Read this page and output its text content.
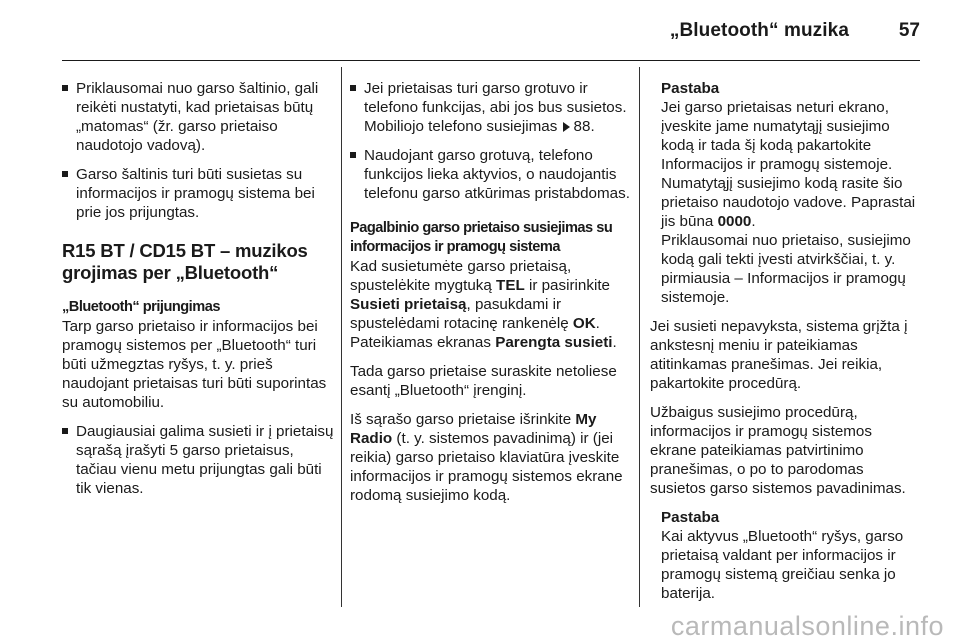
„Bluetooth“ muzika	57

Priklausomai nuo garso šaltinio, gali reikėti nustatyti, kad prietaisas būtų „matomas“ (žr. garso prietaiso naudotojo vadovą).

Garso šaltinis turi būti susietas su informacijos ir pramogų sistema bei prie jos prijungtas.

R15 BT / CD15 BT – muzikos grojimas per „Bluetooth“
„Bluetooth“ prijungimas

Tarp garso prietaiso ir informacijos bei pramogų sistemos per „Bluetooth“ turi būti užmegztas ryšys, t. y. prieš naudojant prietaisas turi būti suporintas su automobiliu.

Daugiausiai galima susieti ir į prietaisų sąrašą įrašyti 5 garso prietaisus, tačiau vienu metu prijungtas gali būti tik vienas.

Jei prietaisas turi garso grotuvo ir telefono funkcijas, abi jos bus susietos. Mobiliojo telefono susiejimas 88.

Naudojant garso grotuvą, telefono funkcijos lieka aktyvios, o naudojantis telefonu garso atkūrimas pristabdomas.

Pagalbinio garso prietaiso susiejimas su informacijos ir pramogų sistema

Kad susietumėte garso prietaisą, spustelėkite mygtuką TEL ir pasirinkite Susieti prietaisą, pasukdami ir spustelėdami rotacinę rankenėlę OK. Pateikiamas ekranas Parengta susieti.

Tada garso prietaise suraskite netoliese esantį „Bluetooth“ įrenginį.

Iš sąrašo garso prietaise išrinkite My Radio (t. y. sistemos pavadinimą) ir (jei reikia) garso prietaiso klaviatūra įveskite informacijos ir pramogų sistemos ekrane rodomą susiejimo kodą.

Pastaba
Jei garso prietaisas neturi ekrano, įveskite jame numatytąjį susiejimo kodą ir tada šį kodą pakartokite Informacijos ir pramogų sistemoje. Numatytąjį susiejimo kodą rasite šio prietaiso naudotojo vadove. Paprastai jis būna 0000.
Priklausomai nuo prietaiso, susiejimo kodą gali tekti įvesti atvirkščiai, t. y. pirmiausia – Informacijos ir pramogų sistemoje.

Jei susieti nepavyksta, sistema grįžta į ankstesnį meniu ir pateikiamas atitinkamas pranešimas. Jei reikia, pakartokite procedūrą.

Užbaigus susiejimo procedūrą, informacijos ir pramogų sistemos ekrane pateikiamas patvirtinimo pranešimas, o po to parodomas susietos garso sistemos pavadinimas.

Pastaba
Kai aktyvus „Bluetooth“ ryšys, garso prietaisą valdant per informacijos ir pramogų sistemą greičiau senka jo baterija.
carmanualsonline.info
